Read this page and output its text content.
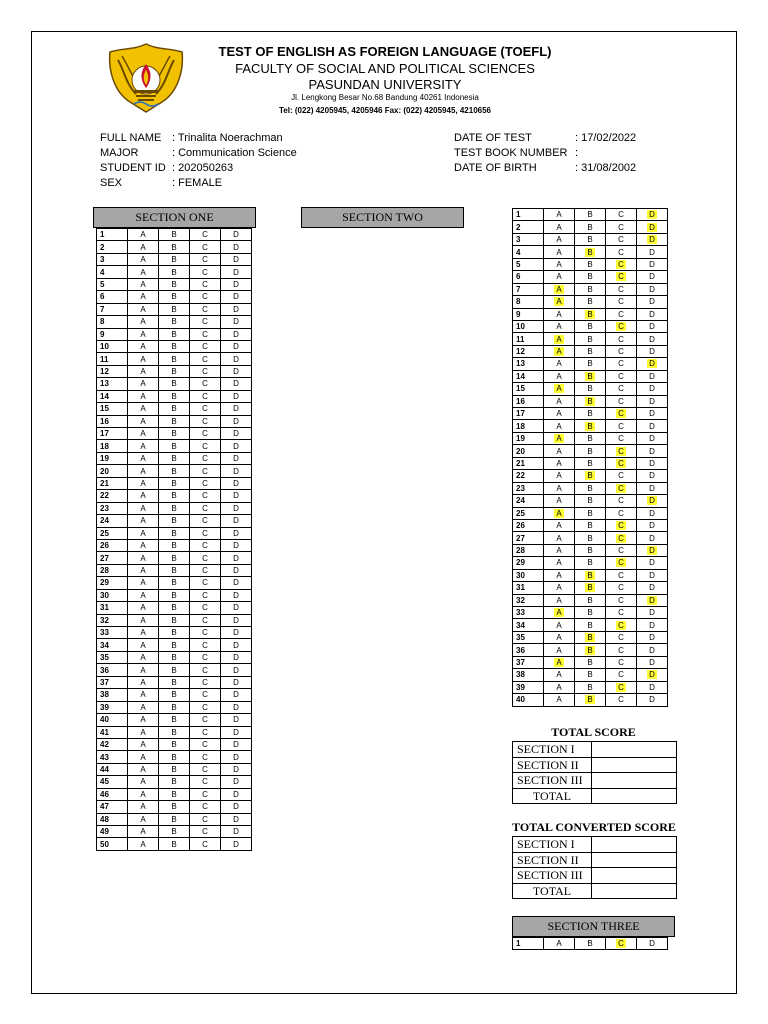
TEST OF ENGLISH AS FOREIGN LANGUAGE (TOEFL)
FACULTY OF SOCIAL AND POLITICAL SCIENCES
PASUNDAN UNIVERSITY
Jl. Lengkong Besar No.68 Bandung 40261 Indonesia
Tel: (022) 4205945, 4205946 Fax: (022) 4205945, 4210656
FULL NAME : Trinalita Noerachman
MAJOR	: Communication Science
STUDENT ID : 202050263
SEX	: FEMALE
DATE OF TEST	: 17/02/2022
TEST BOOK NUMBER :
DATE OF BIRTH	: 31/08/2002
SECTION ONE	SECTION TWO
1	A	B	C	D
2	A	B	C	D
3	A	B	C	D
4	A	B	C	D
5	A	B	C	D
6	A	B	C	D
7	A	B	C	D
8	A	B	C	D
9	A	B	C	D
10	A	B	C	D
11	A	B	C	D
12	A	B	C	D
13	A	B	C	D
14	A	B	C	D
15	A	B	C	D
16	A	B	C	D
17	A	B	C	D
18	A	B	C	D
19	A	B	C	D
20	A	B	C	D
21	A	B	C	D
22	A	B	C	D
23	A	B	C	D
24	A	B	C	D
25	A	B	C	D
26	A	B	C	D
27	A	B	C	D
28	A	B	C	D
29	A	B	C	D
30	A	B	C	D
31	A	B	C	D
32	A	B	C	D
33	A	B	C	D
34	A	B	C	D
35	A	B	C	D
36	A	B	C	D
37	A	B	C	D
38	A	B	C	D
39	A	B	C	D
40	A	B	C	D
41	A	B	C	D
42	A	B	C	D
43	A	B	C	D
44	A	B	C	D
45	A	B	C	D
46	A	B	C	D
47	A	B	C	D
48	A	B	C	D
49	A	B	C	D
50	A	B	C	D
1	A	B	C	D
2	A	B	C	D
3	A	B	C	D
4	A	B	C	D
5	A	B	C	D
6	A	B	C	D
7	A	B	C	D
8	A	B	C	D
9	A	B	C	D
10	A	B	C	D
11	A	B	C	D
12	A	B	C	D
13	A	B	C	D
14	A	B	C	D
15	A	B	C	D
16	A	B	C	D
17	A	B	C	D
18	A	B	C	D
19	A	B	C	D
20	A	B	C	D
21	A	B	C	D
22	A	B	C	D
23	A	B	C	D
24	A	B	C	D
25	A	B	C	D
26	A	B	C	D
27	A	B	C	D
28	A	B	C	D
29	A	B	C	D
30	A	B	C	D
31	A	B	C	D
32	A	B	C	D
33	A	B	C	D
34	A	B	C	D
35	A	B	C	D
36	A	B	C	D
37	A	B	C	D
38	A	B	C	D
39	A	B	C	D
40	A	B	C	D
TOTAL SCORE
SECTION I	
SECTION II	
SECTION III	
TOTAL	
TOTAL CONVERTED SCORE
SECTION I	
SECTION II	
SECTION III	
TOTAL	
SECTION THREE
1	A	B	C	D
